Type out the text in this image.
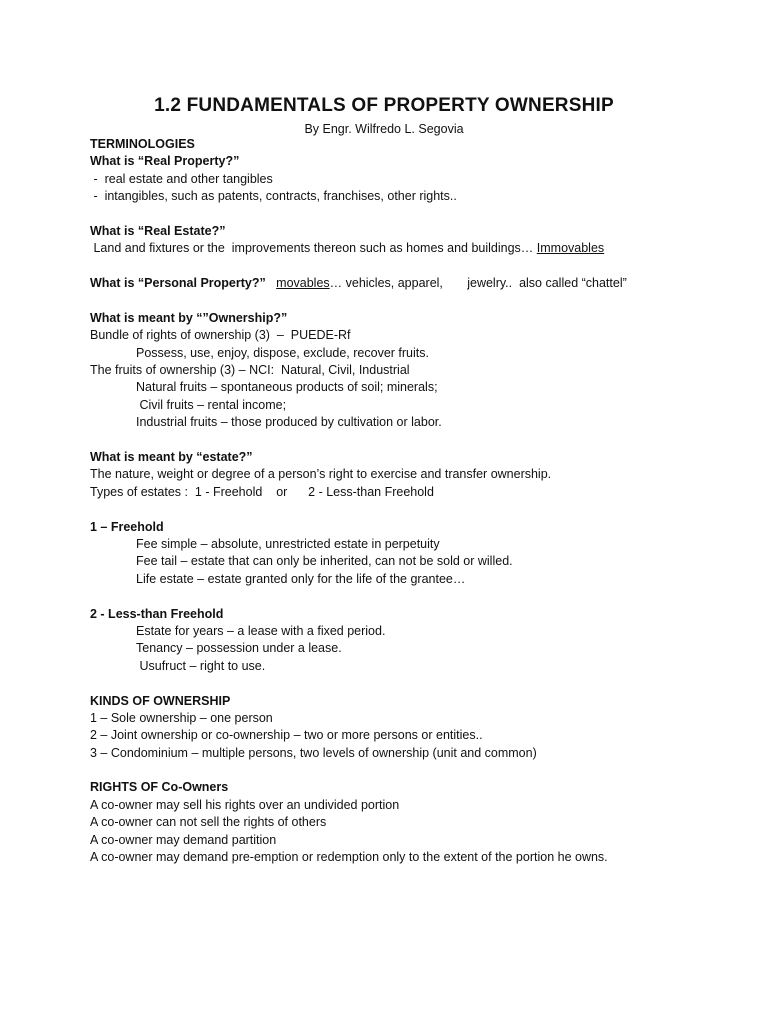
1.2 FUNDAMENTALS OF PROPERTY OWNERSHIP
By Engr. Wilfredo L. Segovia
TERMINOLOGIES
What is “Real Property?”
-  real estate and other tangibles
-  intangibles, such as patents, contracts, franchises, other rights..
What is “Real Estate?”
Land and fixtures or the  improvements thereon such as homes and buildings… Immovables
What is “Personal Property?”   movables… vehicles, apparel,       jewelry..  also called “chattel”
What is meant by “”Ownership?”
Bundle of rights of ownership (3)  –  PUEDE-Rf
Possess, use, enjoy, dispose, exclude, recover fruits.
The fruits of ownership (3) – NCI:  Natural, Civil, Industrial
Natural fruits – spontaneous products of soil; minerals;
Civil fruits – rental income;
Industrial fruits – those produced by cultivation or labor.
What is meant by “estate?”
The nature, weight or degree of a person’s right to exercise and transfer ownership.
Types of estates :  1 - Freehold    or      2 - Less-than Freehold
1 – Freehold
Fee simple – absolute, unrestricted estate in perpetuity
Fee tail – estate that can only be inherited, can not be sold or willed.
Life estate – estate granted only for the life of the grantee…
2 - Less-than Freehold
Estate for years – a lease with a fixed period.
Tenancy – possession under a lease.
Usufruct – right to use.
KINDS OF OWNERSHIP
1 – Sole ownership – one person
2 – Joint ownership or co-ownership – two or more persons or entities..
3 – Condominium – multiple persons, two levels of ownership (unit and common)
RIGHTS OF Co-Owners
A co-owner may sell his rights over an undivided portion
A co-owner can not sell the rights of others
A co-owner may demand partition
A co-owner may demand pre-emption or redemption only to the extent of the portion he owns.
